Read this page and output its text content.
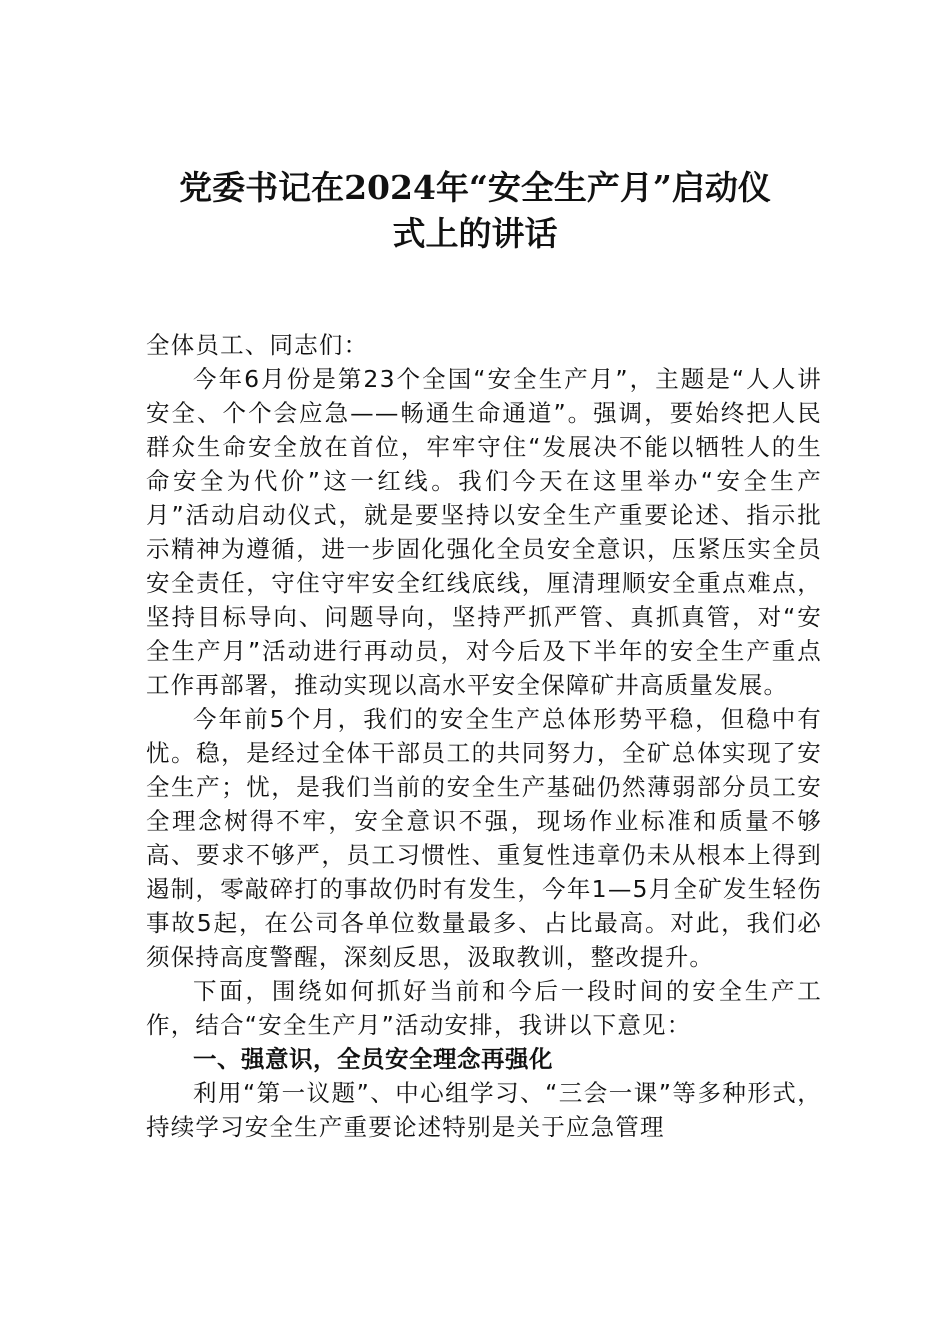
党委书记在2024年“安全生产月”启动仪
式上的讲话

全体员工、同志们：

今年6月份是第23个全国“安全生产月”，主题是“人人讲安全、个个会应急——畅通生命通道”。强调，要始终把人民群众生命安全放在首位，牢牢守住“发展决不能以牺牲人的生命安全为代价”这一红线。我们今天在这里举办“安全生产月”活动启动仪式，就是要坚持以安全生产重要论述、指示批示精神为遵循，进一步固化强化全员安全意识，压紧压实全员安全责任，守住守牢安全红线底线，厘清理顺安全重点难点，坚持目标导向、问题导向，坚持严抓严管、真抓真管，对“安全生产月”活动进行再动员，对今后及下半年的安全生产重点工作再部署，推动实现以高水平安全保障矿井高质量发展。

今年前5个月，我们的安全生产总体形势平稳，但稳中有忧。稳，是经过全体干部员工的共同努力，全矿总体实现了安全生产；忧，是我们当前的安全生产基础仍然薄弱部分员工安全理念树得不牢，安全意识不强，现场作业标准和质量不够高、要求不够严，员工习惯性、重复性违章仍未从根本上得到遏制，零敲碎打的事故仍时有发生，今年1—5月全矿发生轻伤事故5起，在公司各单位数量最多、占比最高。对此，我们必须保持高度警醒，深刻反思，汲取教训，整改提升。

下面，围绕如何抓好当前和今后一段时间的安全生产工作，结合“安全生产月”活动安排，我讲以下意见：

一、强意识，全员安全理念再强化

利用“第一议题”、中心组学习、“三会一课”等多种形式，持续学习安全生产重要论述特别是关于应急管理
